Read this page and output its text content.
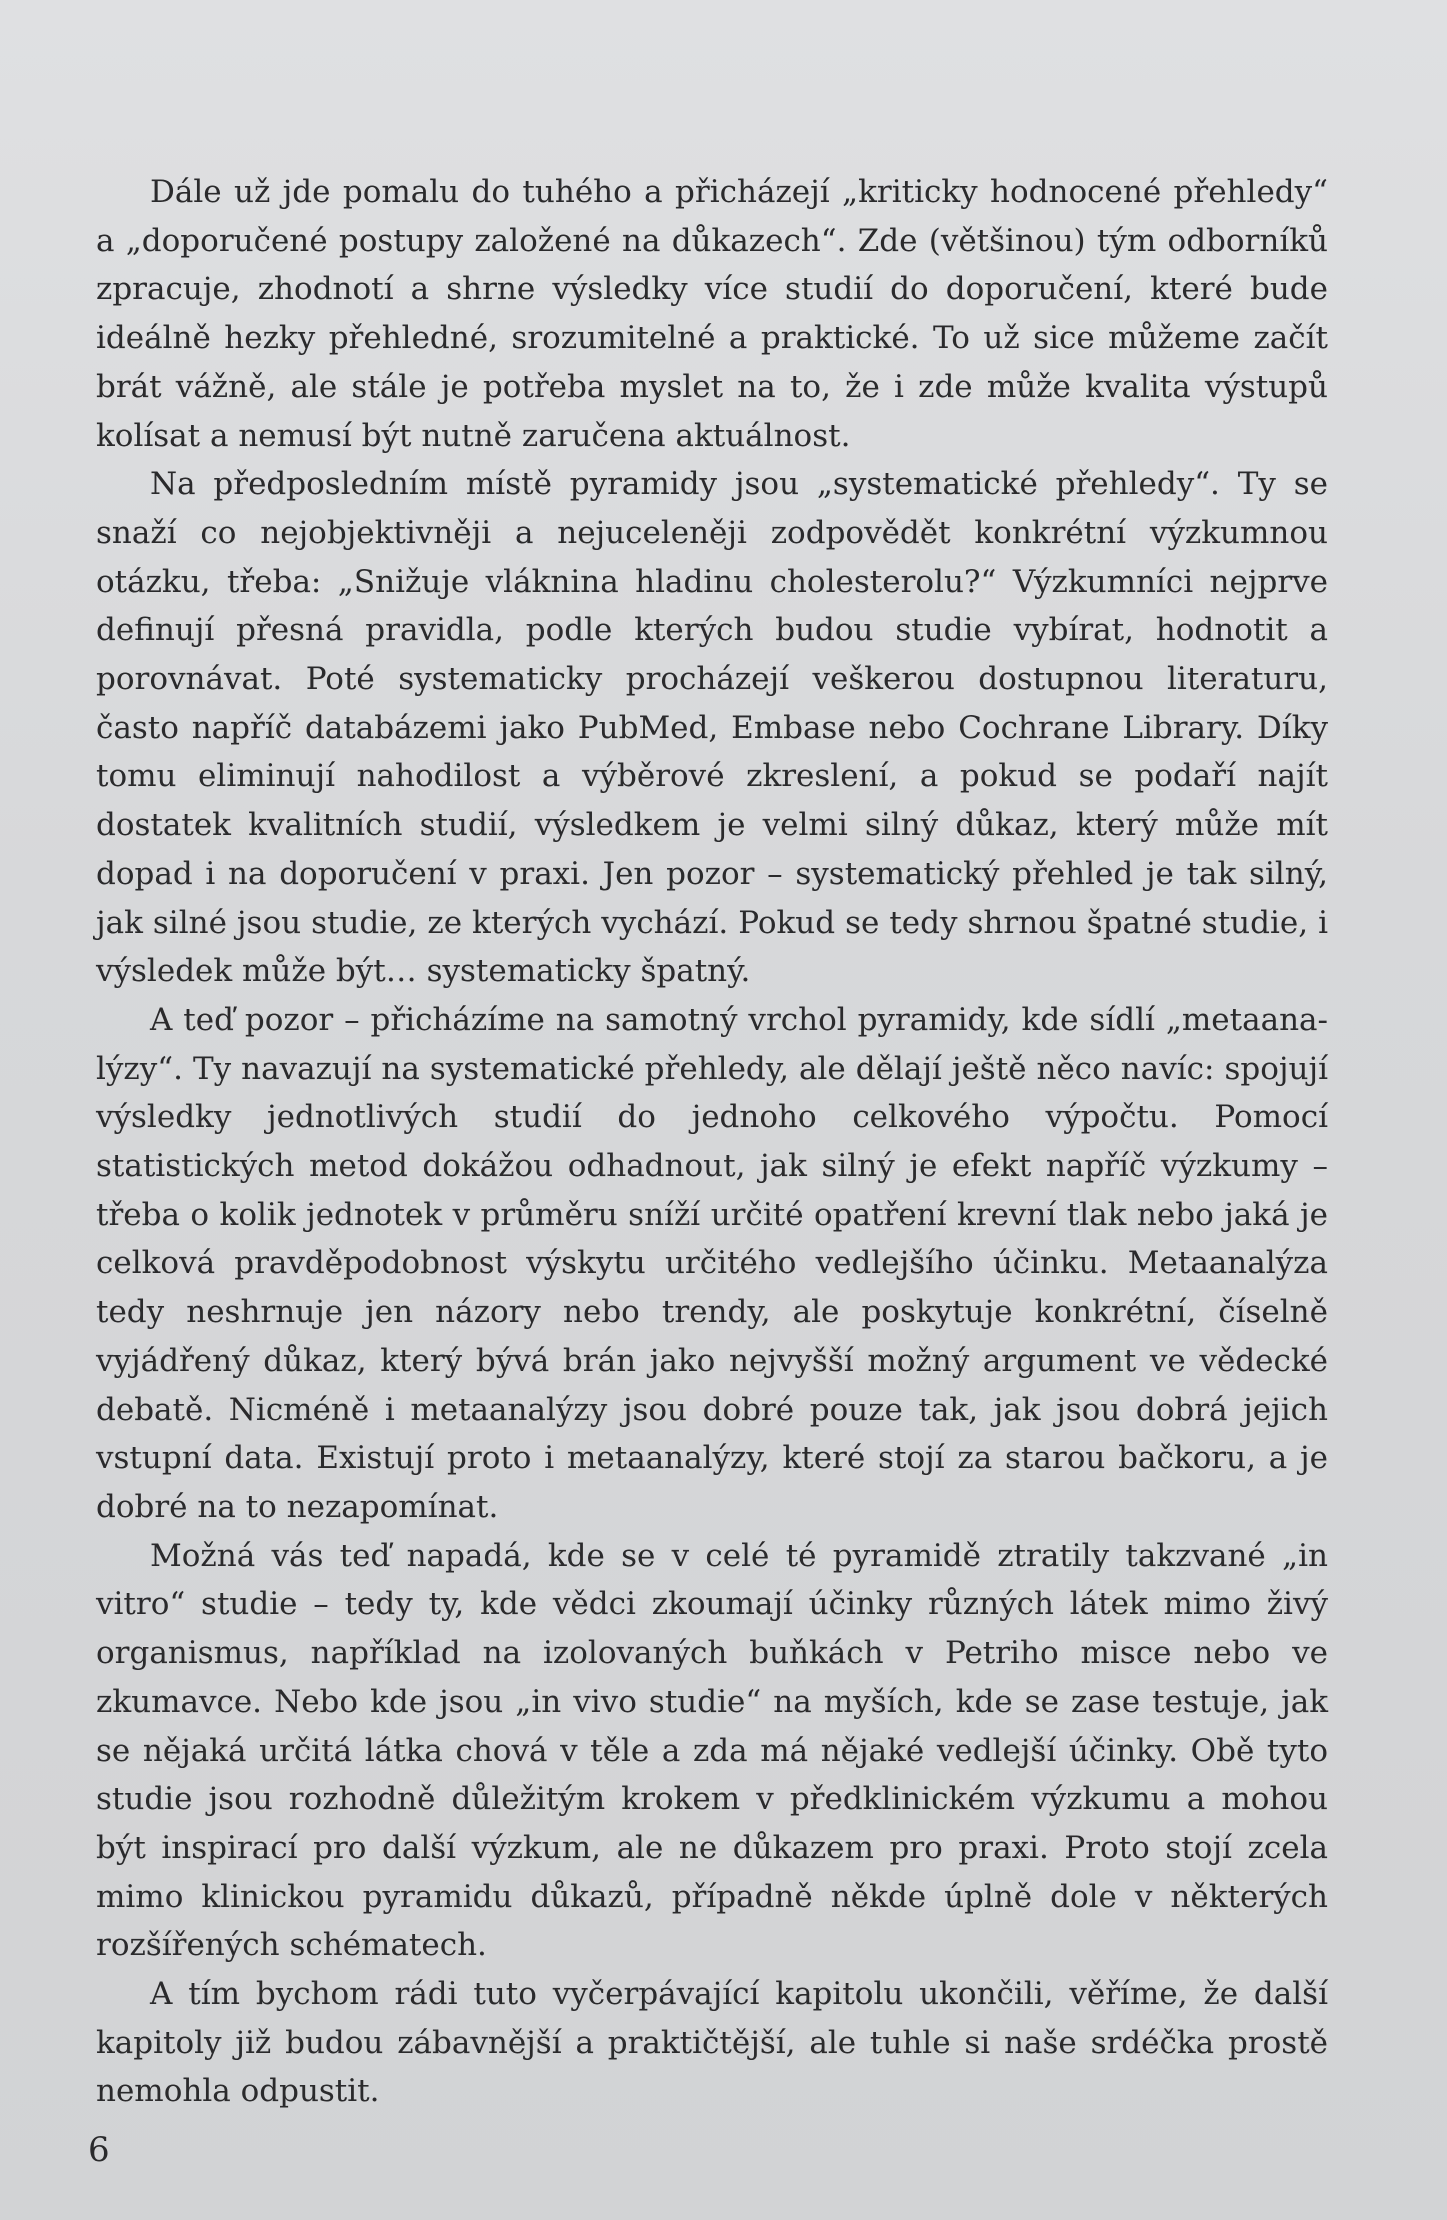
Dále už jde pomalu do tuhého a přicházejí „kriticky hodnocené přehledy“ a „doporučené postupy založené na důkazech“. Zde (většinou) tým odborníků zpracuje, zhodnotí a shrne výsledky více studií do doporučení, které bude ideálně hezky přehledné, srozumitelné a praktické. To už sice můžeme začít brát vážně, ale stále je potřeba myslet na to, že i zde může kvalita výstupů kolísat a nemusí být nutně zaručena aktuálnost.

Na předposledním místě pyramidy jsou „systematické přehledy“. Ty se snaží co nejobjektivněji a nejuceleněji zodpovědět konkrétní výzkumnou otázku, třeba: „Snižuje vláknina hladinu cholesterolu?“ Výzkumníci nejprve definují přesná pravidla, podle kterých budou studie vybírat, hodnotit a porovnávat. Poté systematicky procházejí veškerou dostupnou literaturu, často napříč databázemi jako PubMed, Embase nebo Cochrane Library. Díky tomu eliminují nahodilost a výběrové zkreslení, a pokud se podaří najít dostatek kvalitních studií, výsledkem je velmi silný důkaz, který může mít dopad i na doporučení v praxi. Jen pozor – systematický přehled je tak silný, jak silné jsou studie, ze kterých vychází. Pokud se tedy shrnou špatné studie, i výsledek může být… systematicky špatný.

A teď pozor – přicházíme na samotný vrchol pyramidy, kde sídlí „metaanalýzy“. Ty navazují na systematické přehledy, ale dělají ještě něco navíc: spojují výsledky jednotlivých studií do jednoho celkového výpočtu. Pomocí statistických metod dokážou odhadnout, jak silný je efekt napříč výzkumy – třeba o kolik jednotek v průměru sníží určité opatření krevní tlak nebo jaká je celková pravděpodobnost výskytu určitého vedlejšího účinku. Metaanalýza tedy neshrnuje jen názory nebo trendy, ale poskytuje konkrétní, číselně vyjádřený důkaz, který bývá brán jako nejvyšší možný argument ve vědecké debatě. Nicméně i metaanalýzy jsou dobré pouze tak, jak jsou dobrá jejich vstupní data. Existují proto i metaanalýzy, které stojí za starou bačkoru, a je dobré na to nezapomínat.

Možná vás teď napadá, kde se v celé té pyramidě ztratily takzvané „in vitro“ studie – tedy ty, kde vědci zkoumají účinky různých látek mimo živý organismus, například na izolovaných buňkách v Petriho misce nebo ve zkumavce. Nebo kde jsou „in vivo studie“ na myších, kde se zase testuje, jak se nějaká určitá látka chová v těle a zda má nějaké vedlejší účinky. Obě tyto studie jsou rozhodně důležitým krokem v předklinickém výzkumu a mohou být inspirací pro další výzkum, ale ne důkazem pro praxi. Proto stojí zcela mimo klinickou pyramidu důkazů, případně někde úplně dole v některých rozšířených schématech.

A tím bychom rádi tuto vyčerpávající kapitolu ukončili, věříme, že další kapitoly již budou zábavnější a praktičtější, ale tuhle si naše srdéčka prostě nemohla odpustit.

6
